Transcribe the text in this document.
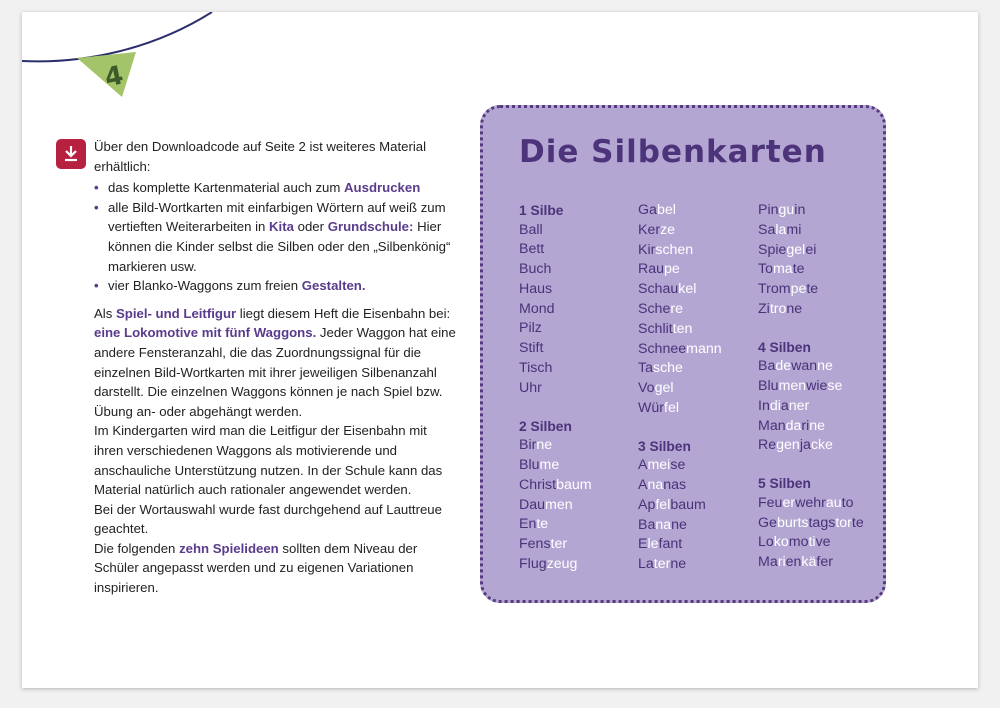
4

Über den Downloadcode auf Seite 2 ist weiteres Material erhältlich:

• das komplette Kartenmaterial auch zum Ausdrucken
• alle Bild-Wortkarten mit einfarbigen Wörtern auf weiß zum vertieften Weiterarbeiten in Kita oder Grundschule: Hier können die Kinder selbst die Silben oder den „Silbenkönig“ markieren usw.
• vier Blanko-Waggons zum freien Gestalten.

Als Spiel- und Leitfigur liegt diesem Heft die Eisenbahn bei: eine Lokomotive mit fünf Waggons. Jeder Waggon hat eine andere Fensteranzahl, die das Zuordnungssignal für die einzelnen Bild-Wortkarten mit ihrer jeweiligen Silbenanzahl darstellt. Die einzelnen Waggons können je nach Spiel bzw. Übung an- oder abgehängt werden.

Im Kindergarten wird man die Leitfigur der Eisenbahn mit ihren verschiedenen Waggons als motivierende und anschauliche Unterstützung nutzen. In der Schule kann das Material natürlich auch rationaler angewendet werden.

Bei der Wortauswahl wurde fast durchgehend auf Lauttreue geachtet.

Die folgenden zehn Spielideen sollten dem Niveau der Schüler angepasst werden und zu eigenen Variationen inspirieren.

Die Silbenkarten
1 Silbe
Ball
Bett
Buch
Haus
Mond
Pilz
Stift
Tisch
Uhr
2 Silben
Birne
Blume
Christbaum
Daumen
Ente
Fenster
Flugzeug
Gabel
Kerze
Kirschen
Raupe
Schaukel
Schere
Schlitten
Schneemann
Tasche
Vogel
Würfel
3 Silben
Ameise
Ananas
Apfelbaum
Banane
Elefant
Laterne
Pinguin
Salami
Spiegelei
Tomate
Trompete
Zitrone
4 Silben
Badewanne
Blumenwiese
Indianer
Mandarine
Regenjacke
5 Silben
Feuerwehrauto
Geburtstagstorte
Lokomotive
Marienkäfer
